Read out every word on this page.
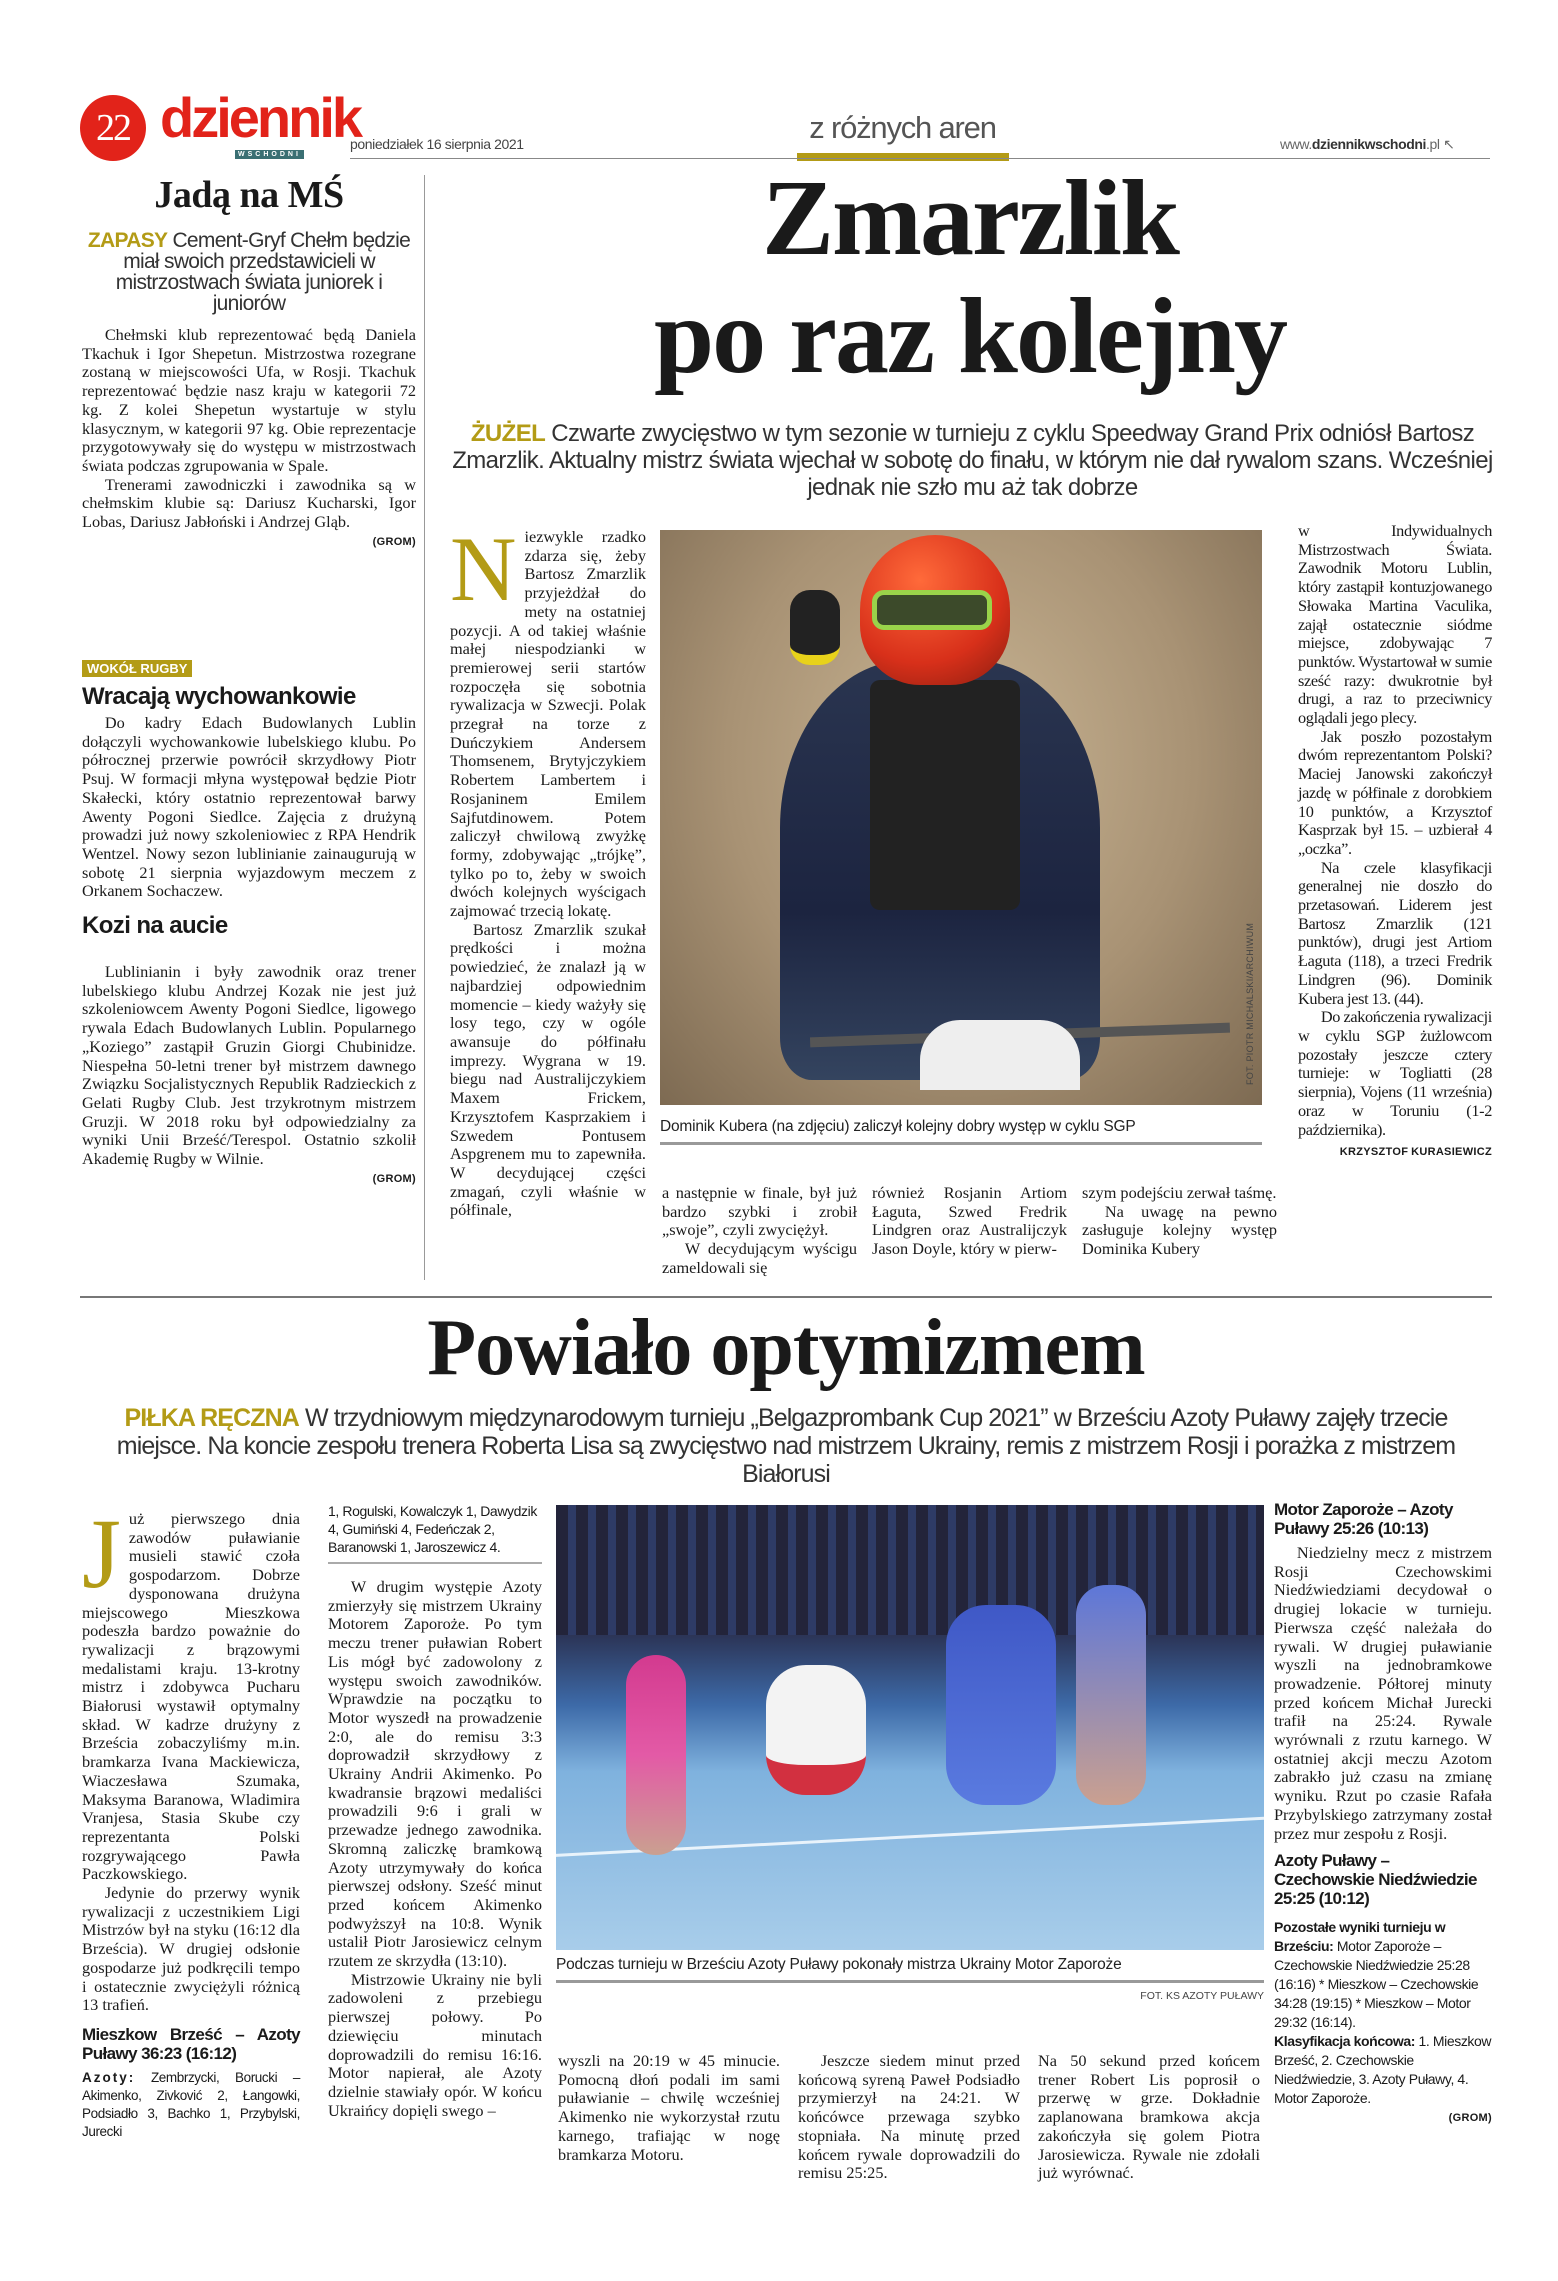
22 dziennik
WSCHODNI
poniedziałek 16 sierpnia 2021	z różnych aren	www.dziennikwschodni.pl ↖
Jadą na MŚ
ZAPASY Cement-Gryf Chełm będzie miał swoich przedstawicieli w mistrzostwach świata juniorek i juniorów

Chełmski klub reprezentować będą Daniela Tkachuk i Igor Shepetun. Mistrzostwa rozegrane zostaną w miejscowości Ufa, w Rosji. Tkachuk reprezentować będzie nasz kraju w kategorii 72 kg. Z kolei Shepetun wystartuje w stylu klasycznym, w kategorii 97 kg. Obie reprezentacje przygotowywały się do występu w mistrzostwach świata podczas zgrupowania w Spale.

Trenerami zawodniczki i zawodnika są w chełmskim klubie są: Dariusz Kucharski, Igor Lobas, Dariusz Jabłoński i Andrzej Gląb.

(GROM)
WOKÓŁ RUGBY
Wracają wychowankowie

Do kadry Edach Budowlanych Lublin dołączyli wychowankowie lubelskiego klubu. Po półrocznej przerwie powrócił skrzydłowy Piotr Psuj. W formacji młyna występował będzie Piotr Skałecki, który ostatnio reprezentował barwy Awenty Pogoni Siedlce. Zajęcia z drużyną prowadzi już nowy szkoleniowiec z RPA Hendrik Wentzel. Nowy sezon lublinianie zainaugurują w sobotę 21 sierpnia wyjazdowym meczem z Orkanem Sochaczew.

Kozi na aucie

Lublinianin i były zawodnik oraz trener lubelskiego klubu Andrzej Kozak nie jest już szkoleniowcem Awenty Pogoni Siedlce, ligowego rywala Edach Budowlanych Lublin. Popularnego „Koziego” zastąpił Gruzin Giorgi Chubinidze. Niespełna 50-letni trener był mistrzem dawnego Związku Socjalistycznych Republik Radzieckich z Gelati Rugby Club. Jest trzykrotnym mistrzem Gruzji. W 2018 roku był odpowiedzialny za wyniki Unii Brześć/Terespol. Ostatnio szkolił Akademię Rugby w Wilnie.

(GROM)
Zmarzlik
po raz kolejny
ŻUŻEL Czwarte zwycięstwo w tym sezonie w turnieju z cyklu Speedway Grand Prix odniósł Bartosz Zmarzlik. Aktualny mistrz świata wjechał w sobotę do finału, w którym nie dał rywalom szans. Wcześniej jednak nie szło mu aż tak dobrze
N iezwykle rzadko zdarza się, żeby Bartosz Zmarzlik przyjeżdżał do mety na ostatniej pozycji. A od takiej właśnie małej niespodzianki w premierowej serii startów rozpoczęła się sobotnia rywalizacja w Szwecji. Polak przegrał na torze z Duńczykiem Andersem Thomsenem, Brytyjczykiem Robertem Lambertem i Rosjaninem Emilem Sajfutdinowem. Potem zaliczył chwilową zwyżkę formy, zdobywając „trójkę”, tylko po to, żeby w swoich dwóch kolejnych wyścigach zajmować trzecią lokatę.

Bartosz Zmarzlik szukał prędkości i można powiedzieć, że znalazł ją w najbardziej odpowiednim momencie – kiedy ważyły się losy tego, czy w ogóle awansuje do półfinału imprezy. Wygrana w 19. biegu nad Australijczykiem Maxem Frickem, Krzysztofem Kasprzakiem i Szwedem Pontusem Aspgrenem mu to zapewniła. W decydującej części zmagań, czyli właśnie w półfinale,

FOT. PIOTR MICHALSKI/ARCHIWUM
Dominik Kubera (na zdjęciu) zaliczył kolejny dobry występ w cyklu SGP

a następnie w finale, był już bardzo szybki i zrobił „swoje”, czyli zwyciężył.

W decydującym wyścigu zameldowali się

również Rosjanin Artiom Łaguta, Szwed Fredrik Lindgren oraz Australijczyk Jason Doyle, który w pierw-

szym podejściu zerwał taśmę.

Na uwagę na pewno zasługuje kolejny występ Dominika Kubery

w Indywidualnych Mistrzostwach Świata. Zawodnik Motoru Lublin, który zastąpił kontuzjowanego Słowaka Martina Vaculika, zajął ostatecznie siódme miejsce, zdobywając 7 punktów. Wystartował w sumie sześć razy: dwukrotnie był drugi, a raz to przeciwnicy oglądali jego plecy.

Jak poszło pozostałym dwóm reprezentantom Polski? Maciej Janowski zakończył jazdę w półfinale z dorobkiem 10 punktów, a Krzysztof Kasprzak był 15. – uzbierał 4 „oczka”.

Na czele klasyfikacji generalnej nie doszło do przetasowań. Liderem jest Bartosz Zmarzlik (121 punktów), drugi jest Artiom Łaguta (118), a trzeci Fredrik Lindgren (96). Dominik Kubera jest 13. (44).

Do zakończenia rywalizacji w cyklu SGP żużlowcom pozostały jeszcze cztery turnieje: w Togliatti (28 sierpnia), Vojens (11 września) oraz w Toruniu (1-2 października).

KRZYSZTOF KURASIEWICZ
Powiało optymizmem
PIŁKA RĘCZNA W trzydniowym międzynarodowym turnieju „Belgazprombank Cup 2021” w Brześciu Azoty Puławy zajęły trzecie miejsce. Na koncie zespołu trenera Roberta Lisa są zwycięstwo nad mistrzem Ukrainy, remis z mistrzem Rosji i porażka z mistrzem Białorusi
J uż pierwszego dnia zawodów puławianie musieli stawić czoła gospodarzom. Dobrze dysponowana drużyna miejscowego Mieszkowa podeszła bardzo poważnie do rywalizacji z brązowymi medalistami kraju. 13-krotny mistrz i zdobywca Pucharu Białorusi wystawił optymalny skład. W kadrze drużyny z Brześcia zobaczyliśmy m.in. bramkarza Ivana Mackiewicza, Wiaczesława Szumaka, Maksyma Baranowa, Wladimira Vranjesa, Stasia Skube czy reprezentanta Polski rozgrywającego Pawła Paczkowskiego.

Jedynie do przerwy wynik rywalizacji z uczestnikiem Ligi Mistrzów był na styku (16:12 dla Brześcia). W drugiej odsłonie gospodarze już podkręcili tempo i ostatecznie zwyciężyli różnicą 13 trafień.

Mieszkow Brześć – Azoty Puławy 36:23 (16:12)
Azoty: Zembrzycki, Borucki – Akimenko, Zivković 2, Łangowki, Podsiadło 3, Bachko 1, Przybylski, Jurecki
1, Rogulski, Kowalczyk 1, Dawydzik 4, Gumiński 4, Fedeńczak 2, Baranowski 1, Jaroszewicz 4.

W drugim występie Azoty zmierzyły się mistrzem Ukrainy Motorem Zaporoże. Po tym meczu trener puławian Robert Lis mógł być zadowolony z występu swoich zawodników. Wprawdzie na początku to Motor wyszedł na prowadzenie 2:0, ale do remisu 3:3 doprowadził skrzydłowy z Ukrainy Andrii Akimenko. Po kwadransie brązowi medaliści prowadzili 9:6 i grali w przewadze jednego zawodnika. Skromną zaliczkę bramkową Azoty utrzymywały do końca pierwszej odsłony. Sześć minut przed końcem Akimenko podwyższył na 10:8. Wynik ustalił Piotr Jarosiewicz celnym rzutem ze skrzydła (13:10).

Mistrzowie Ukrainy nie byli zadowoleni z przebiegu pierwszej połowy. Po dziewięciu minutach doprowadzili do remisu 16:16. Motor napierał, ale Azoty dzielnie stawiały opór. W końcu Ukraińcy dopięli swego –

Podczas turnieju w Brześciu Azoty Puławy pokonały mistrza Ukrainy Motor Zaporoże
FOT. KS AZOTY PUŁAWY

wyszli na 20:19 w 45 minucie. Pomocną dłoń podali im sami puławianie – chwilę wcześniej Akimenko nie wykorzystał rzutu karnego, trafiając w nogę bramkarza Motoru.

Jeszcze siedem minut przed końcową syreną Paweł Podsiadło przymierzył na 24:21. W końcówce przewaga szybko stopniała. Na minutę przed końcem rywale doprowadzili do remisu 25:25.

Na 50 sekund przed końcem trener Robert Lis poprosił o przerwę w grze. Dokładnie zaplanowana bramkowa akcja zakończyła się golem Piotra Jarosiewicza. Rywale nie zdołali już wyrównać.

Motor Zaporoże – Azoty Puławy 25:26 (10:13)

Niedzielny mecz z mistrzem Rosji Czechowskimi Niedźwiedziami decydował o drugiej lokacie w turnieju. Pierwsza część należała do rywali. W drugiej puławianie wyszli na jednobramkowe prowadzenie. Półtorej minuty przed końcem Michał Jurecki trafił na 25:24. Rywale wyrównali z rzutu karnego. W ostatniej akcji meczu Azotom zabrakło już czasu na zmianę wyniku. Rzut po czasie Rafała Przybylskiego zatrzymany został przez mur zespołu z Rosji.

Azoty Puławy – Czechowskie Niedźwiedzie 25:25 (10:12)
Pozostałe wyniki turnieju w Brześciu: Motor Zaporoże – Czechowskie Niedźwiedzie 25:28 (16:16) * Mieszkow – Czechowskie 34:28 (19:15) * Mieszkow – Motor 29:32 (16:14).
Klasyfikacja końcowa: 1. Mieszkow Brześć, 2. Czechowskie Niedźwiedzie, 3. Azoty Puławy, 4. Motor Zaporoże.
(GROM)
